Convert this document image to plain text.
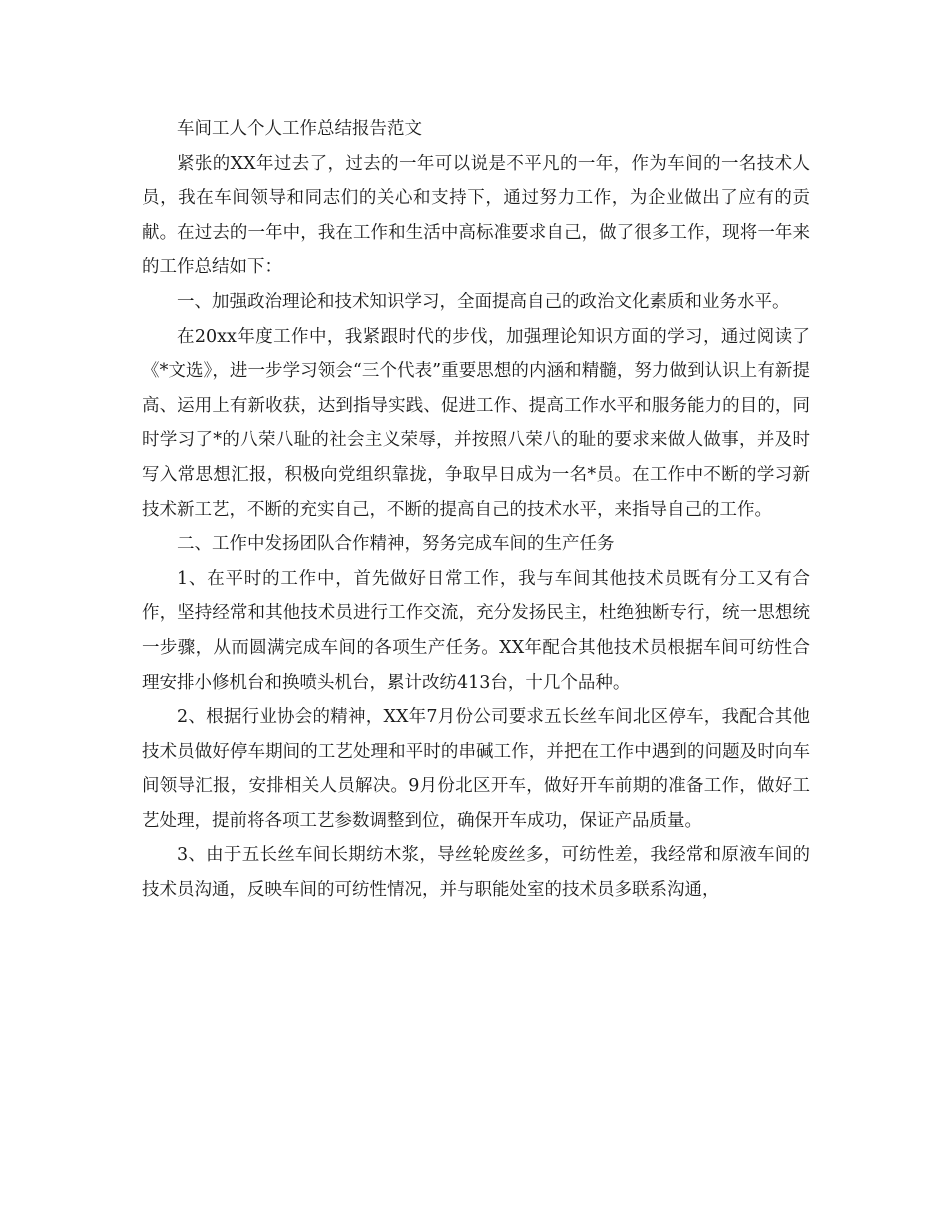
车间工人个人工作总结报告范文

紧张的XX年过去了，过去的一年可以说是不平凡的一年，作为车间的一名技术人员，我在车间领导和同志们的关心和支持下，通过努力工作，为企业做出了应有的贡献。在过去的一年中，我在工作和生活中高标准要求自己，做了很多工作，现将一年来的工作总结如下：

一、加强政治理论和技术知识学习，全面提高自己的政治文化素质和业务水平。

在20xx年度工作中，我紧跟时代的步伐，加强理论知识方面的学习，通过阅读了《*文选》，进一步学习领会“三个代表”重要思想的内涵和精髓，努力做到认识上有新提高、运用上有新收获，达到指导实践、促进工作、提高工作水平和服务能力的目的，同时学习了*的八荣八耻的社会主义荣辱，并按照八荣八的耻的要求来做人做事，并及时写入常思想汇报，积极向党组织靠拢，争取早日成为一名*员。在工作中不断的学习新技术新工艺，不断的充实自己，不断的提高自己的技术水平，来指导自己的工作。

二、工作中发扬团队合作精神，努务完成车间的生产任务

1、在平时的工作中，首先做好日常工作，我与车间其他技术员既有分工又有合作，坚持经常和其他技术员进行工作交流，充分发扬民主，杜绝独断专行，统一思想统一步骤，从而圆满完成车间的各项生产任务。XX年配合其他技术员根据车间可纺性合理安排小修机台和换喷头机台，累计改纺413台，十几个品种。

2、根据行业协会的精神，XX年7月份公司要求五长丝车间北区停车，我配合其他技术员做好停车期间的工艺处理和平时的串碱工作，并把在工作中遇到的问题及时向车间领导汇报，安排相关人员解决。9月份北区开车，做好开车前期的准备工作，做好工艺处理，提前将各项工艺参数调整到位，确保开车成功，保证产品质量。

3、由于五长丝车间长期纺木浆，导丝轮废丝多，可纺性差，我经常和原液车间的技术员沟通，反映车间的可纺性情况，并与职能处室的技术员多联系沟通，
